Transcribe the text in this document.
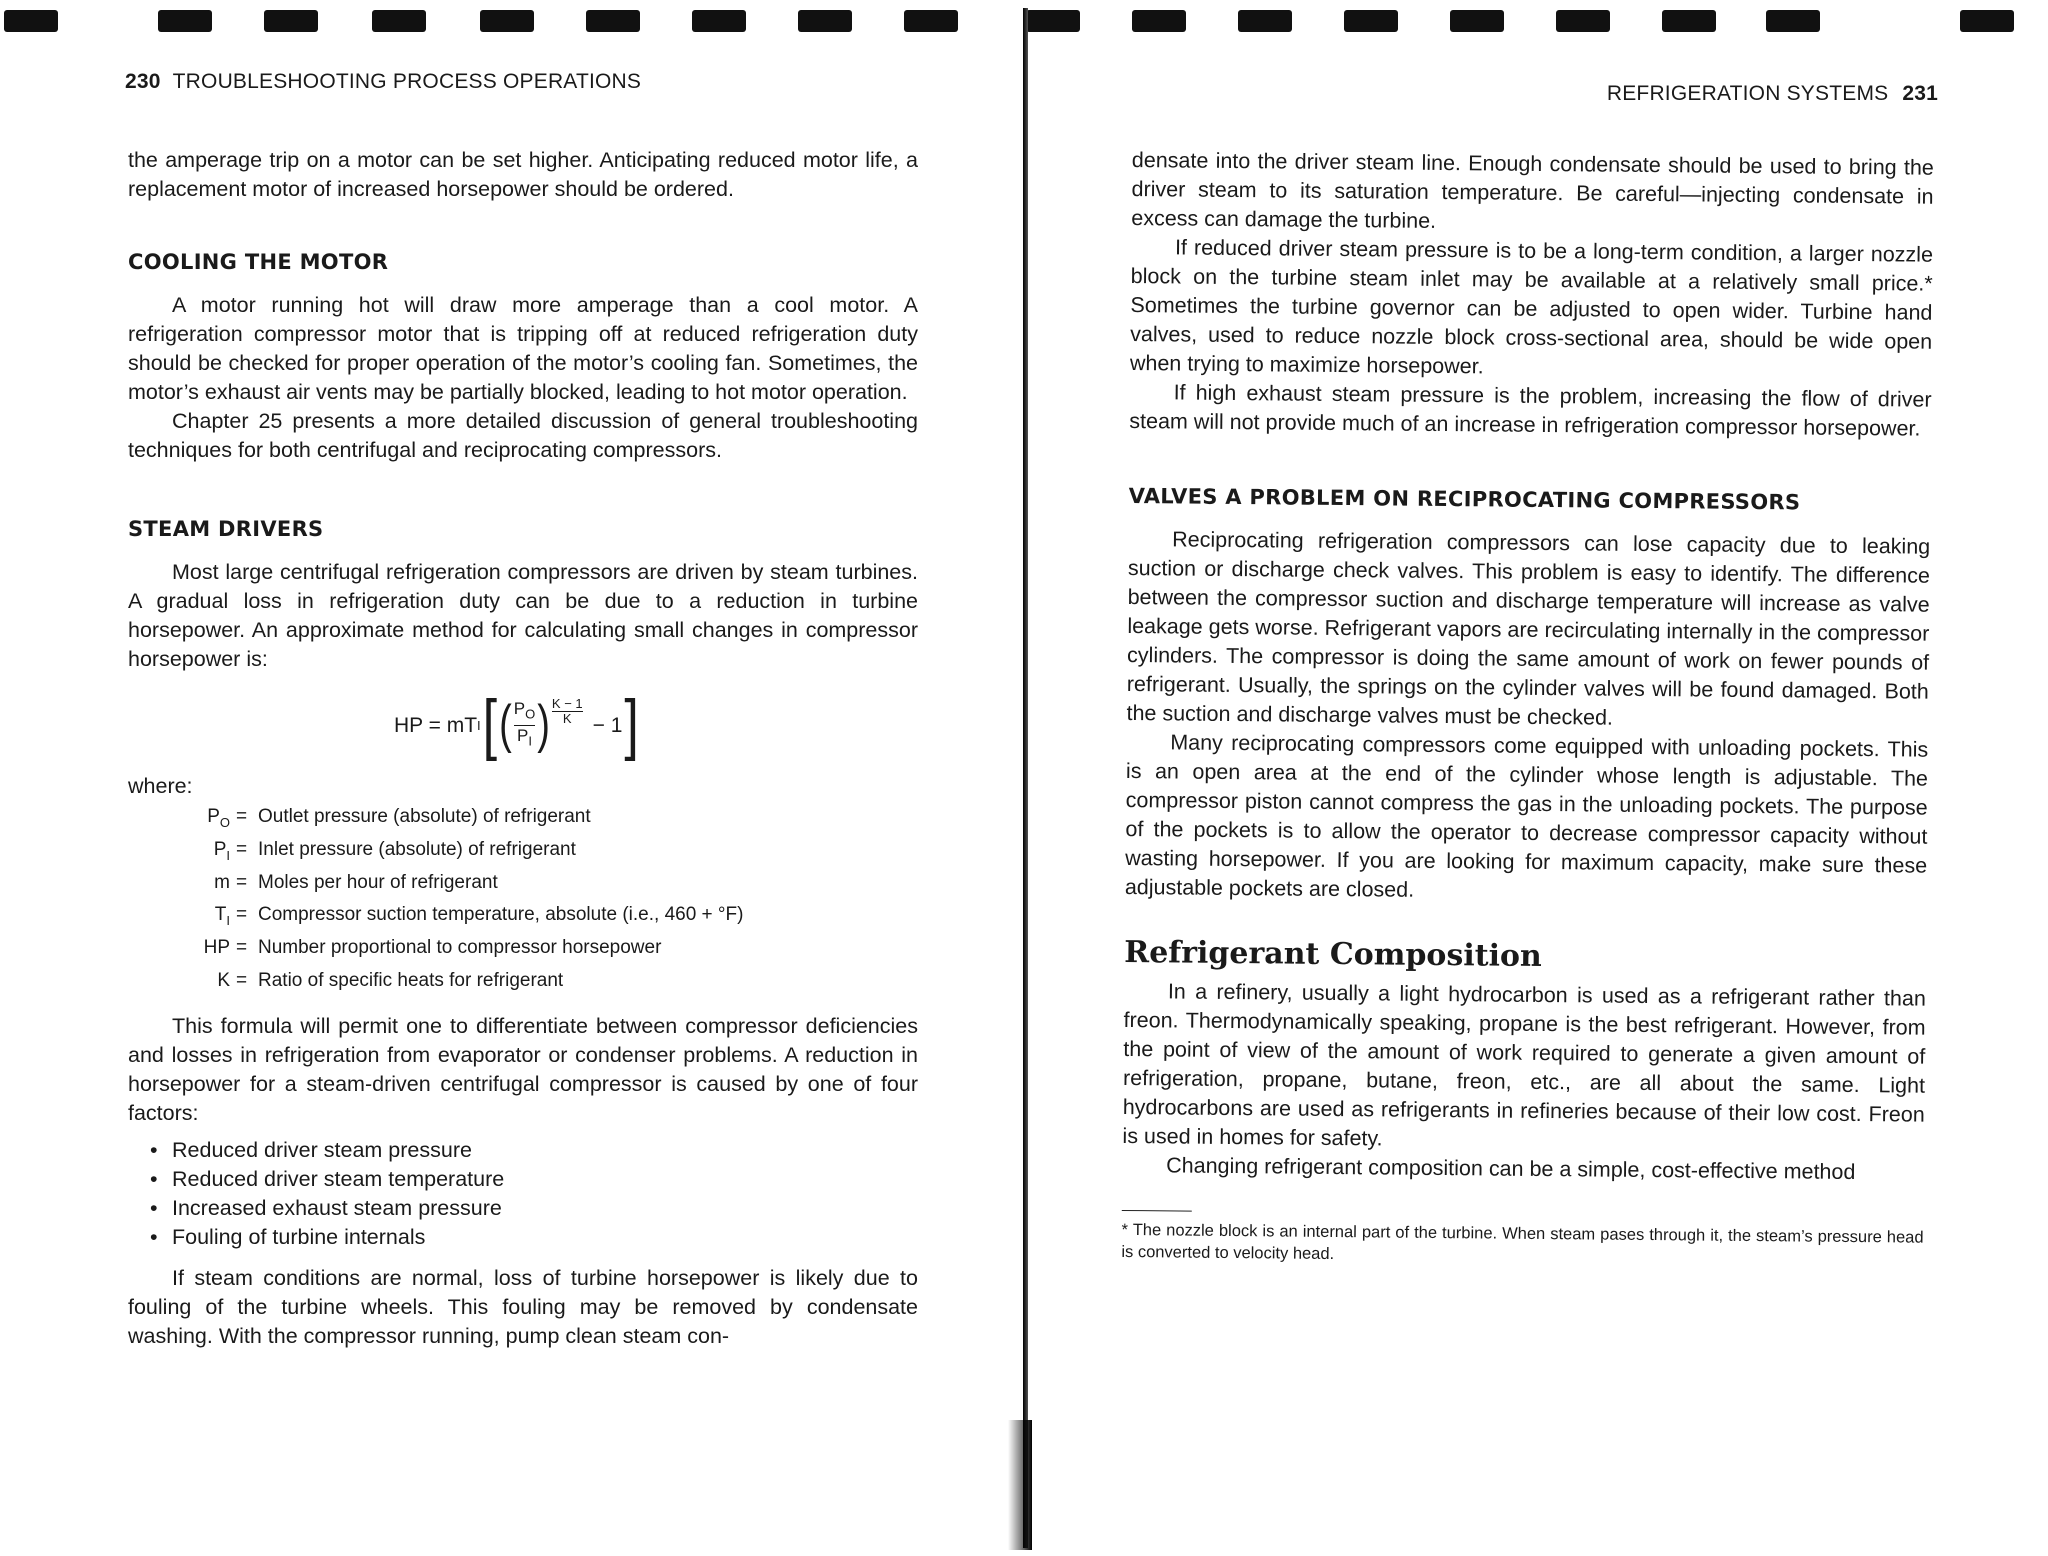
230 TROUBLESHOOTING PROCESS OPERATIONS

the amperage trip on a motor can be set higher. Anticipating reduced motor life, a replacement motor of increased horsepower should be ordered.

COOLING THE MOTOR

A motor running hot will draw more amperage than a cool motor. A refrigeration compressor motor that is tripping off at reduced refrigeration duty should be checked for proper operation of the motor’s cooling fan. Sometimes, the motor’s exhaust air vents may be partially blocked, leading to hot motor operation.

Chapter 25 presents a more detailed discussion of general troubleshooting techniques for both centrifugal and reciprocating compressors.

STEAM DRIVERS

Most large centrifugal refrigeration compressors are driven by steam turbines. A gradual loss in refrigeration duty can be due to a reduction in turbine horsepower. An approximate method for calculating small changes in compressor horsepower is:

HP = mT I [ ( $\frac{P_O}{P_I}$ ) K − 1
K − 1 ]
where:
$P_O$ = Outlet pressure (absolute) of refrigerant
$P_I$ = Inlet pressure (absolute) of refrigerant
m = Moles per hour of refrigerant
$T_I$ = Compressor suction temperature, absolute (i.e., 460 + °F)
HP = Number proportional to compressor horsepower
K = Ratio of specific heats for refrigerant

This formula will permit one to differentiate between compressor deficiencies and losses in refrigeration from evaporator or condenser problems. A reduction in horsepower for a steam-driven centrifugal compressor is caused by one of four factors:

• Reduced driver steam pressure
• Reduced driver steam temperature
• Increased exhaust steam pressure
• Fouling of turbine internals

If steam conditions are normal, loss of turbine horsepower is likely due to fouling of the turbine wheels. This fouling may be removed by condensate washing. With the compressor running, pump clean steam con-

REFRIGERATION SYSTEMS 231

densate into the driver steam line. Enough condensate should be used to bring the driver steam to its saturation temperature. Be careful—injecting condensate in excess can damage the turbine.

If reduced driver steam pressure is to be a long-term condition, a larger nozzle block on the turbine steam inlet may be available at a relatively small price.* Sometimes the turbine governor can be adjusted to open wider. Turbine hand valves, used to reduce nozzle block cross-sectional area, should be wide open when trying to maximize horsepower.

If high exhaust steam pressure is the problem, increasing the flow of driver steam will not provide much of an increase in refrigeration compressor horsepower.

VALVES A PROBLEM ON RECIPROCATING COMPRESSORS

Reciprocating refrigeration compressors can lose capacity due to leaking suction or discharge check valves. This problem is easy to identify. The difference between the compressor suction and discharge temperature will increase as valve leakage gets worse. Refrigerant vapors are recirculating internally in the compressor cylinders. The compressor is doing the same amount of work on fewer pounds of refrigerant. Usually, the springs on the cylinder valves will be found damaged. Both the suction and discharge valves must be checked.

Many reciprocating compressors come equipped with unloading pockets. This is an open area at the end of the cylinder whose length is adjustable. The compressor piston cannot compress the gas in the unloading pockets. The purpose of the pockets is to allow the operator to decrease compressor capacity without wasting horsepower. If you are looking for maximum capacity, make sure these adjustable pockets are closed.

Refrigerant Composition

In a refinery, usually a light hydrocarbon is used as a refrigerant rather than freon. Thermodynamically speaking, propane is the best refrigerant. However, from the point of view of the amount of work required to generate a given amount of refrigeration, propane, butane, freon, etc., are all about the same. Light hydrocarbons are used as refrigerants in refineries because of their low cost. Freon is used in homes for safety.

Changing refrigerant composition can be a simple, cost-effective method

* The nozzle block is an internal part of the turbine. When steam pases through it, the steam’s pressure head is converted to velocity head.
